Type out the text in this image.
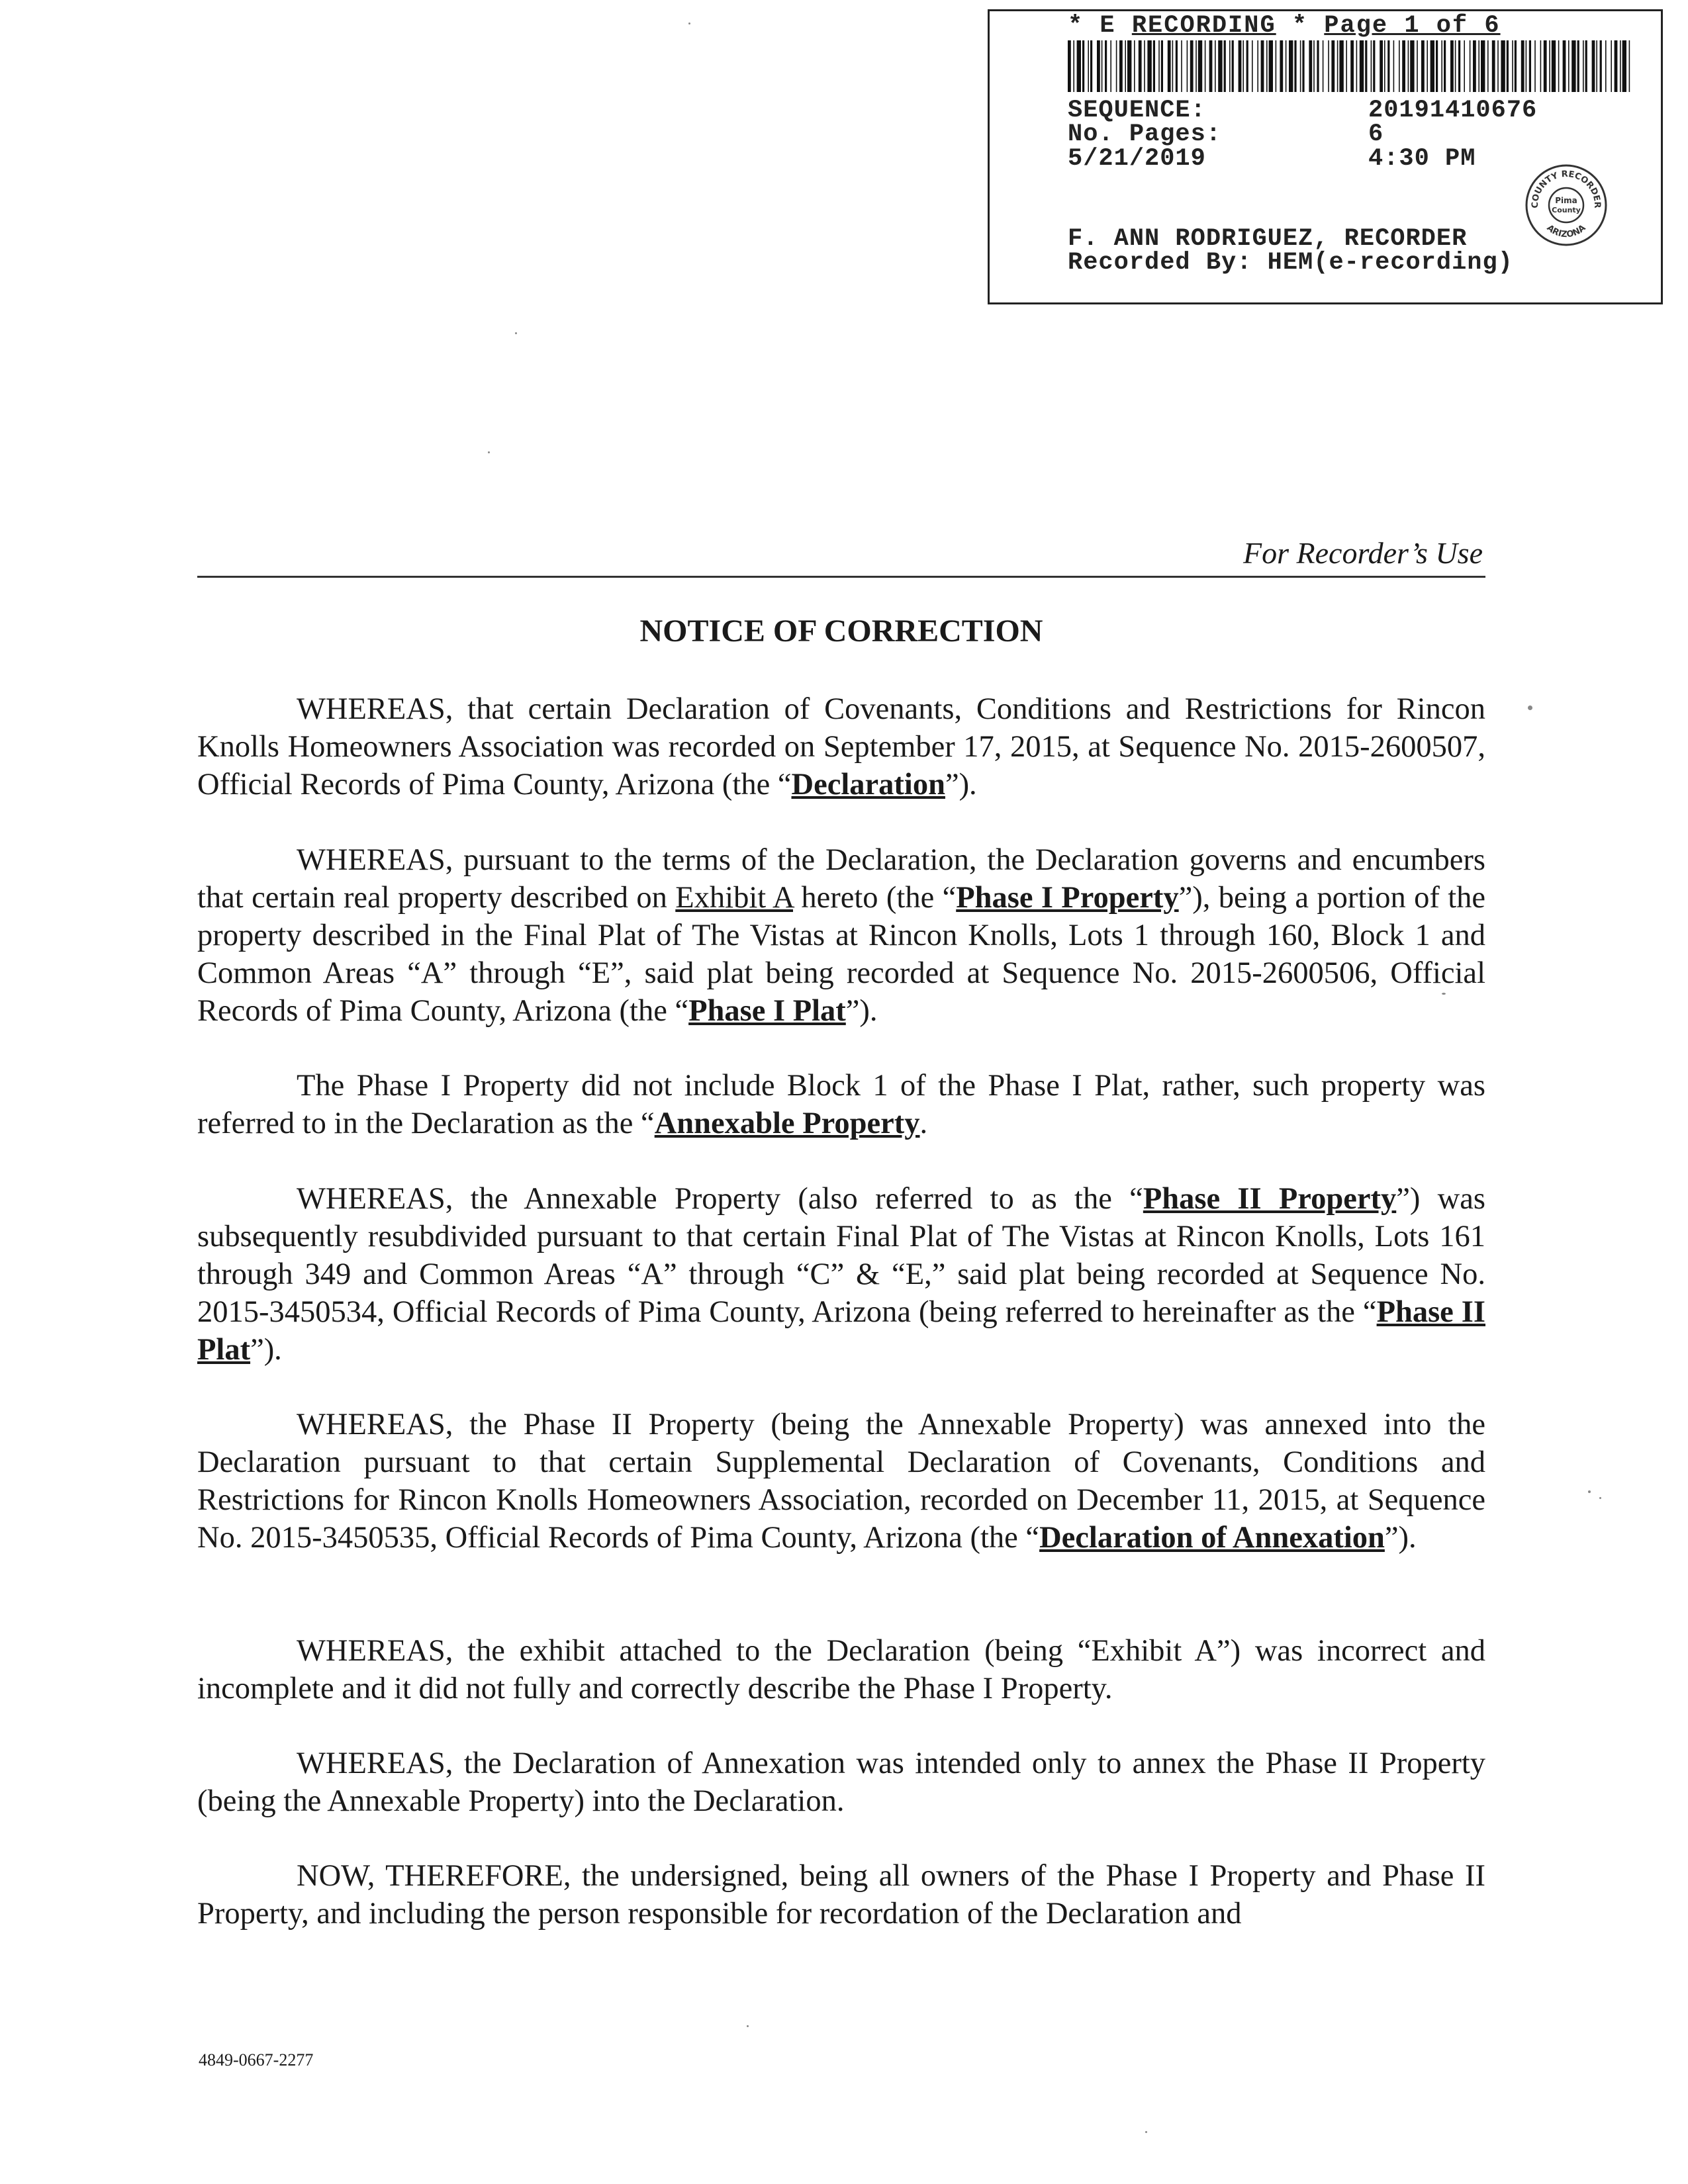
* E RECORDING * Page 1 of 6
SEQUENCE:	20191410676
No. Pages:	6
5/21/2019	4:30 PM
F. ANN RODRIGUEZ, RECORDER
Recorded By: HEM(e-recording)
COUNTY RECORDER
ARIZONA
Pima
County
For Recorder’s Use
NOTICE OF CORRECTION
WHEREAS, that certain Declaration of Covenants, Conditions and Restrictions for Rincon Knolls Homeowners Association was recorded on September 17, 2015, at Sequence No. 2015-2600507, Official Records of Pima County, Arizona (the “Declaration”).
WHEREAS, pursuant to the terms of the Declaration, the Declaration governs and encumbers that certain real property described on Exhibit A hereto (the “Phase I Property”), being a portion of the property described in the Final Plat of The Vistas at Rincon Knolls, Lots 1 through 160, Block 1 and Common Areas “A” through “E”, said plat being recorded at Sequence No. 2015-2600506, Official Records of Pima County, Arizona (the “Phase I Plat”).
The Phase I Property did not include Block 1 of the Phase I Plat, rather, such property was referred to in the Declaration as the “Annexable Property.
WHEREAS, the Annexable Property (also referred to as the “Phase II Property”) was subsequently resubdivided pursuant to that certain Final Plat of The Vistas at Rincon Knolls, Lots 161 through 349 and Common Areas “A” through “C” & “E,” said plat being recorded at Sequence No. 2015-3450534, Official Records of Pima County, Arizona (being referred to hereinafter as the “Phase II Plat”).
WHEREAS, the Phase II Property (being the Annexable Property) was annexed into the Declaration pursuant to that certain Supplemental Declaration of Covenants, Conditions and Restrictions for Rincon Knolls Homeowners Association, recorded on December 11, 2015, at Sequence No. 2015-3450535, Official Records of Pima County, Arizona (the “Declaration of Annexation”).
WHEREAS, the exhibit attached to the Declaration (being “Exhibit A”) was incorrect and incomplete and it did not fully and correctly describe the Phase I Property.
WHEREAS, the Declaration of Annexation was intended only to annex the Phase II Property (being the Annexable Property) into the Declaration.
NOW, THEREFORE, the undersigned, being all owners of the Phase I Property and Phase II Property, and including the person responsible for recordation of the Declaration and
4849-0667-2277
